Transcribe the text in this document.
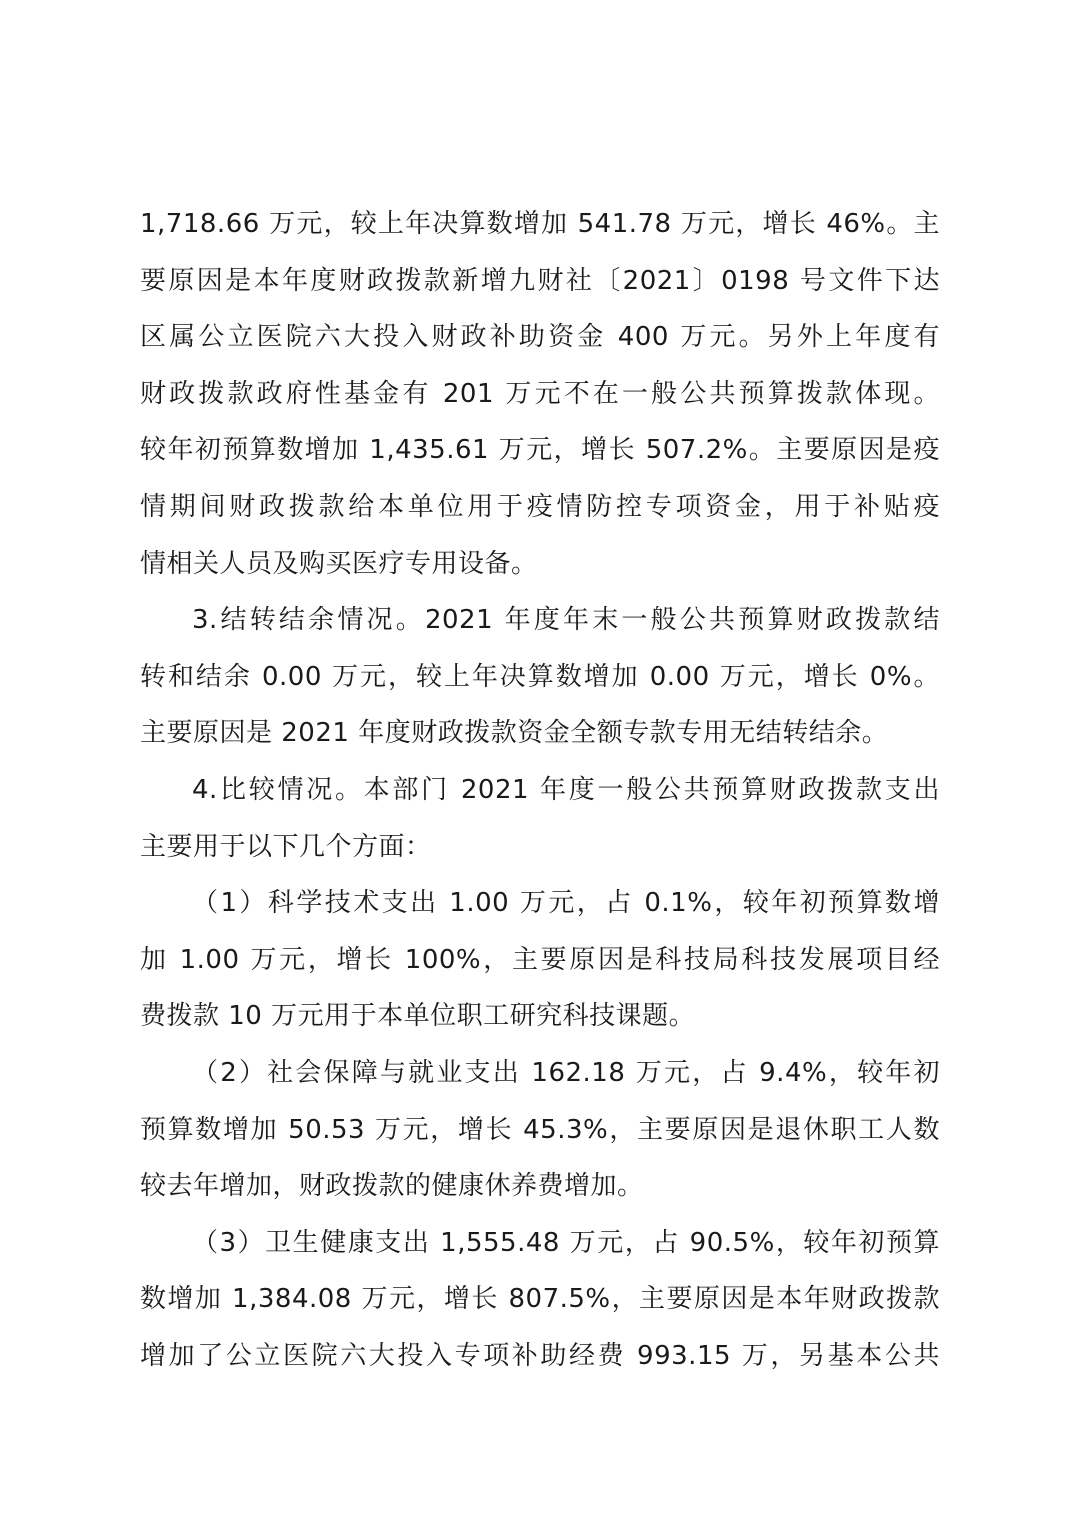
1,718.66 万元，较上年决算数增加 541.78 万元，增长 46%。主
要原因是本年度财政拨款新增九财社〔2021〕0198 号文件下达
区属公立医院六大投入财政补助资金 400 万元。另外上年度有
财政拨款政府性基金有 201 万元不在一般公共预算拨款体现。
较年初预算数增加 1,435.61 万元，增长 507.2%。主要原因是疫
情期间财政拨款给本单位用于疫情防控专项资金，用于补贴疫
情相关人员及购买医疗专用设备。
3.结转结余情况。2021 年度年末一般公共预算财政拨款结
转和结余 0.00 万元，较上年决算数增加 0.00 万元，增长 0%。
主要原因是 2021 年度财政拨款资金全额专款专用无结转结余。
4.比较情况。本部门 2021 年度一般公共预算财政拨款支出
主要用于以下几个方面：
（1）科学技术支出 1.00 万元，占 0.1%，较年初预算数增
加 1.00 万元，增长 100%，主要原因是科技局科技发展项目经
费拨款 10 万元用于本单位职工研究科技课题。
（2）社会保障与就业支出 162.18 万元，占 9.4%，较年初
预算数增加 50.53 万元，增长 45.3%，主要原因是退休职工人数
较去年增加，财政拨款的健康休养费增加。
（3）卫生健康支出 1,555.48 万元，占 90.5%，较年初预算
数增加 1,384.08 万元，增长 807.5%，主要原因是本年财政拨款
增加了公立医院六大投入专项补助经费 993.15 万，另基本公共
